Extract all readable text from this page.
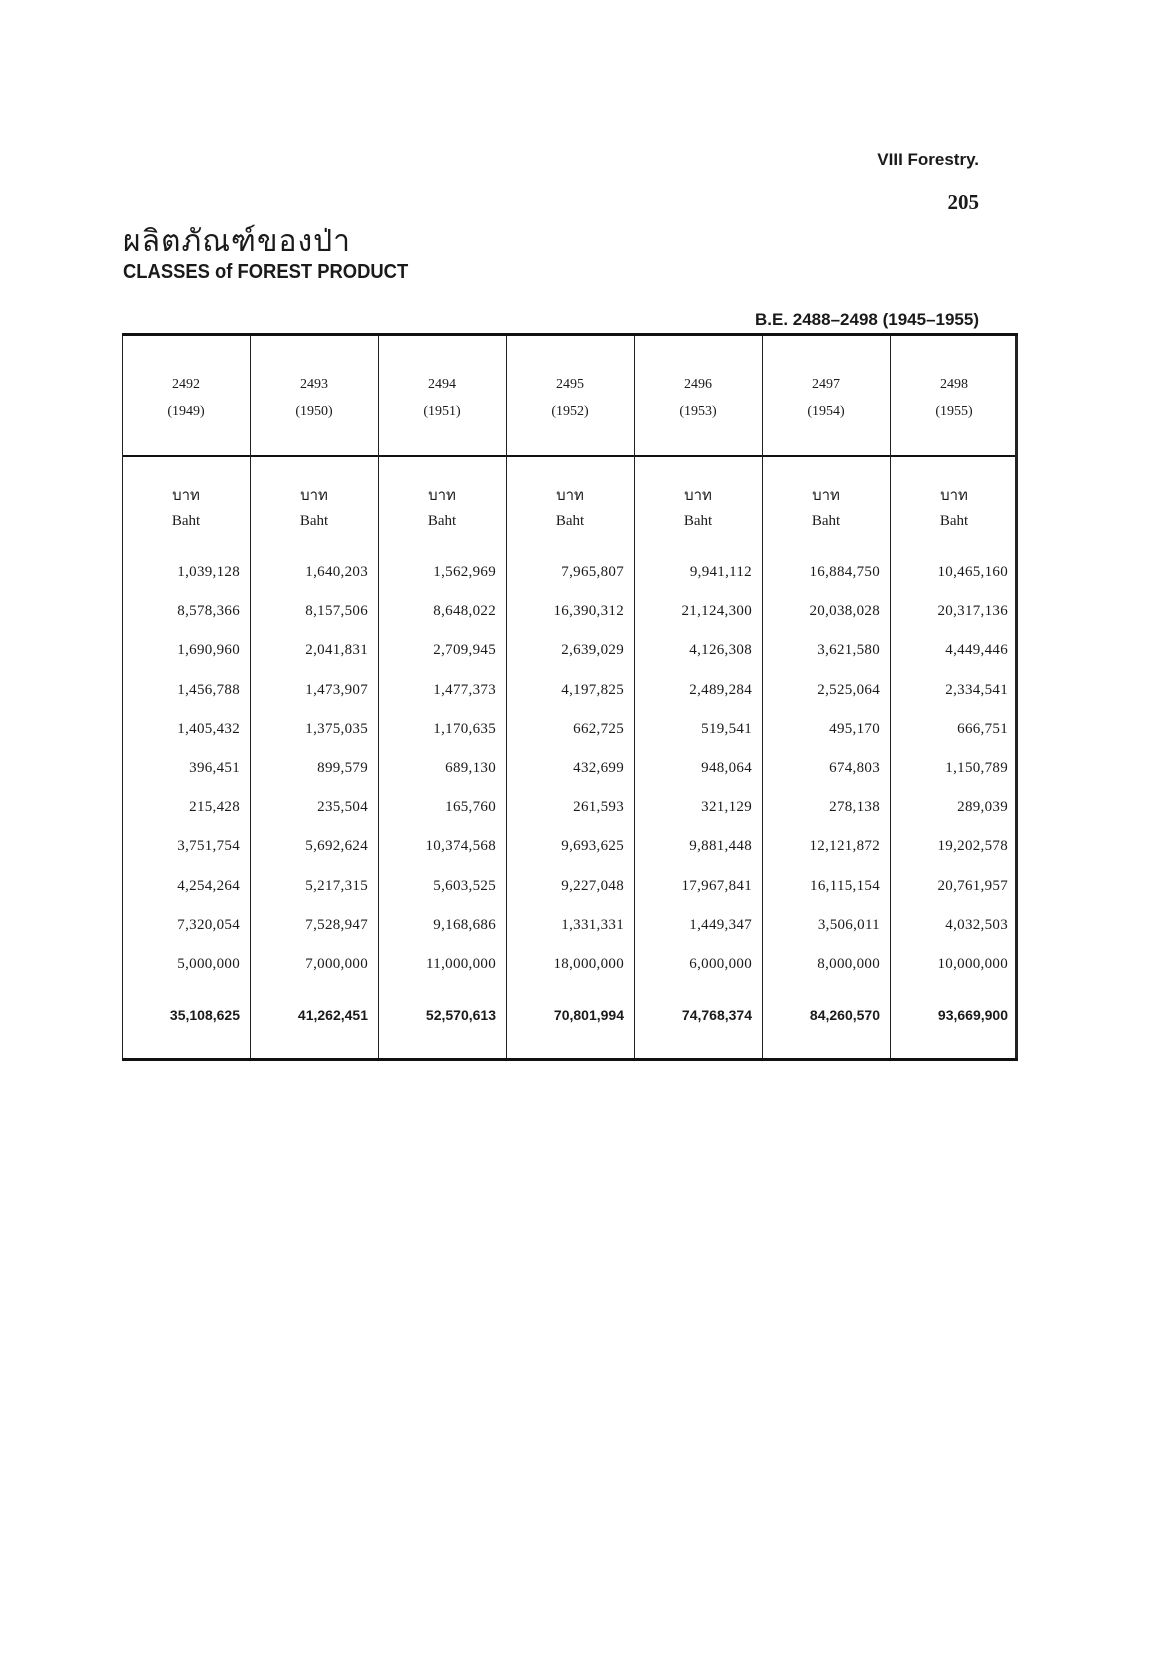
VIII Forestry.
205
ผลิตภัณฑ์ของป่า
CLASSES of FOREST PRODUCT
B.E. 2488–2498 (1945–1955)
2492
(1949)
บาท
Baht
1,039,128
8,578,366
1,690,960
1,456,788
1,405,432
396,451
215,428
3,751,754
4,254,264
7,320,054
5,000,000
35,108,625
2493
(1950)
บาท
Baht
1,640,203
8,157,506
2,041,831
1,473,907
1,375,035
899,579
235,504
5,692,624
5,217,315
7,528,947
7,000,000
41,262,451
2494
(1951)
บาท
Baht
1,562,969
8,648,022
2,709,945
1,477,373
1,170,635
689,130
165,760
10,374,568
5,603,525
9,168,686
11,000,000
52,570,613
2495
(1952)
บาท
Baht
7,965,807
16,390,312
2,639,029
4,197,825
662,725
432,699
261,593
9,693,625
9,227,048
1,331,331
18,000,000
70,801,994
2496
(1953)
บาท
Baht
9,941,112
21,124,300
4,126,308
2,489,284
519,541
948,064
321,129
9,881,448
17,967,841
1,449,347
6,000,000
74,768,374
2497
(1954)
บาท
Baht
16,884,750
20,038,028
3,621,580
2,525,064
495,170
674,803
278,138
12,121,872
16,115,154
3,506,011
8,000,000
84,260,570
2498
(1955)
บาท
Baht
10,465,160
20,317,136
4,449,446
2,334,541
666,751
1,150,789
289,039
19,202,578
20,761,957
4,032,503
10,000,000
93,669,900
